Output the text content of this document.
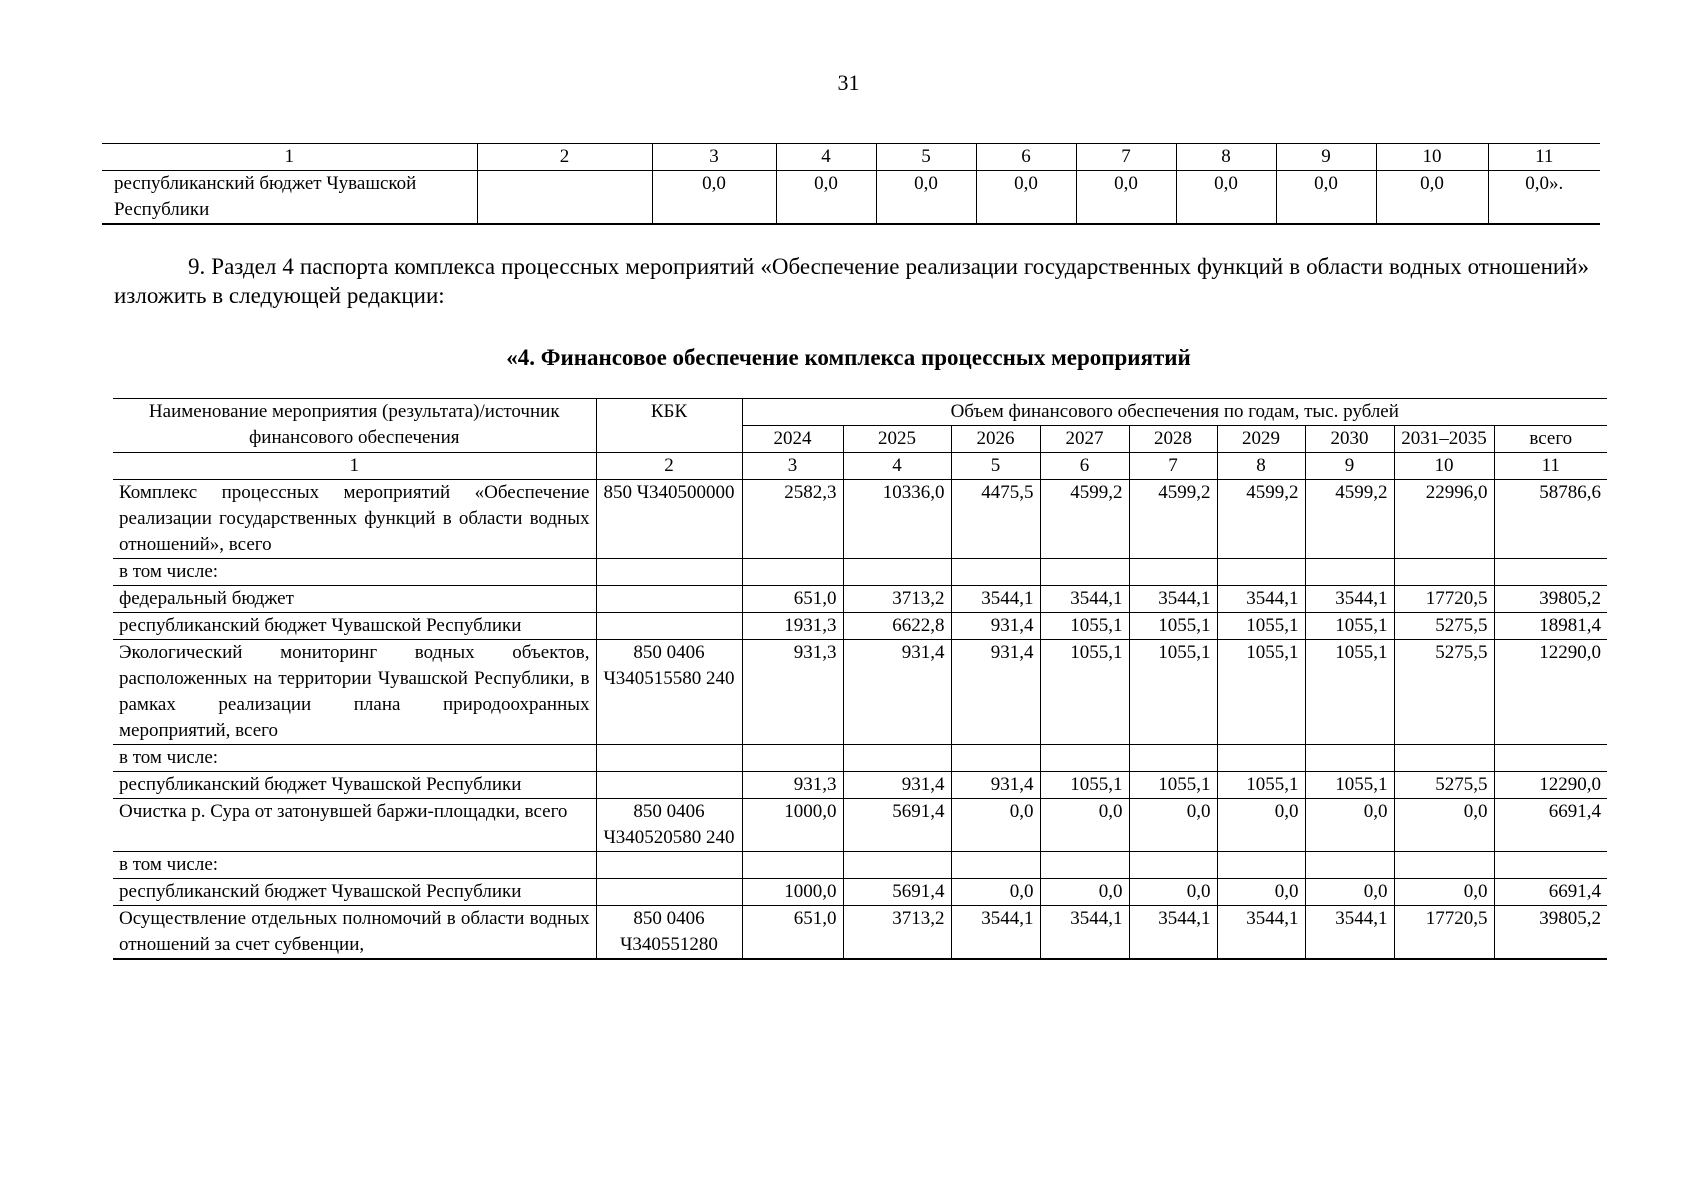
31
1	2	3	4	5	6	7	8	9	10	11
республиканский бюджет Чувашской Республики		0,0	0,0	0,0	0,0	0,0	0,0	0,0	0,0	0,0».

9. Раздел 4 паспорта комплекса процессных мероприятий «Обеспечение реализации государственных функций в области водных отношений» изложить в следующей редакции:

«4. Финансовое обеспечение комплекса процессных мероприятий
Наименование мероприятия (результата)/источник финансового обеспечения	КБК	Объем финансового обеспечения по годам, тыс. рублей								
		2024	2025	2026	2027	2028	2029	2030	2031–2035	всего
1	2	3	4	5	6	7	8	9	10	11
Комплекс процессных мероприятий «Обеспечение реализации государственных функций в области водных отношений», всего	850 Ч340500000	2582,3	10336,0	4475,5	4599,2	4599,2	4599,2	4599,2	22996,0	58786,6
в том числе:										
федеральный бюджет		651,0	3713,2	3544,1	3544,1	3544,1	3544,1	3544,1	17720,5	39805,2
республиканский бюджет Чувашской Республики		1931,3	6622,8	931,4	1055,1	1055,1	1055,1	1055,1	5275,5	18981,4
Экологический мониторинг водных объектов, расположенных на территории Чувашской Республики, в рамках реализации плана природоохранных мероприятий, всего	850 0406 Ч340515580 240	931,3	931,4	931,4	1055,1	1055,1	1055,1	1055,1	5275,5	12290,0
в том числе:										
республиканский бюджет Чувашской Республики		931,3	931,4	931,4	1055,1	1055,1	1055,1	1055,1	5275,5	12290,0
Очистка р. Сура от затонувшей баржи-площадки, всего	850 0406 Ч340520580 240	1000,0	5691,4	0,0	0,0	0,0	0,0	0,0	0,0	6691,4
в том числе:										
республиканский бюджет Чувашской Республики		1000,0	5691,4	0,0	0,0	0,0	0,0	0,0	0,0	6691,4
Осуществление отдельных полномочий в области водных отношений за счет субвенции,	850 0406 Ч340551280	651,0	3713,2	3544,1	3544,1	3544,1	3544,1	3544,1	17720,5	39805,2
